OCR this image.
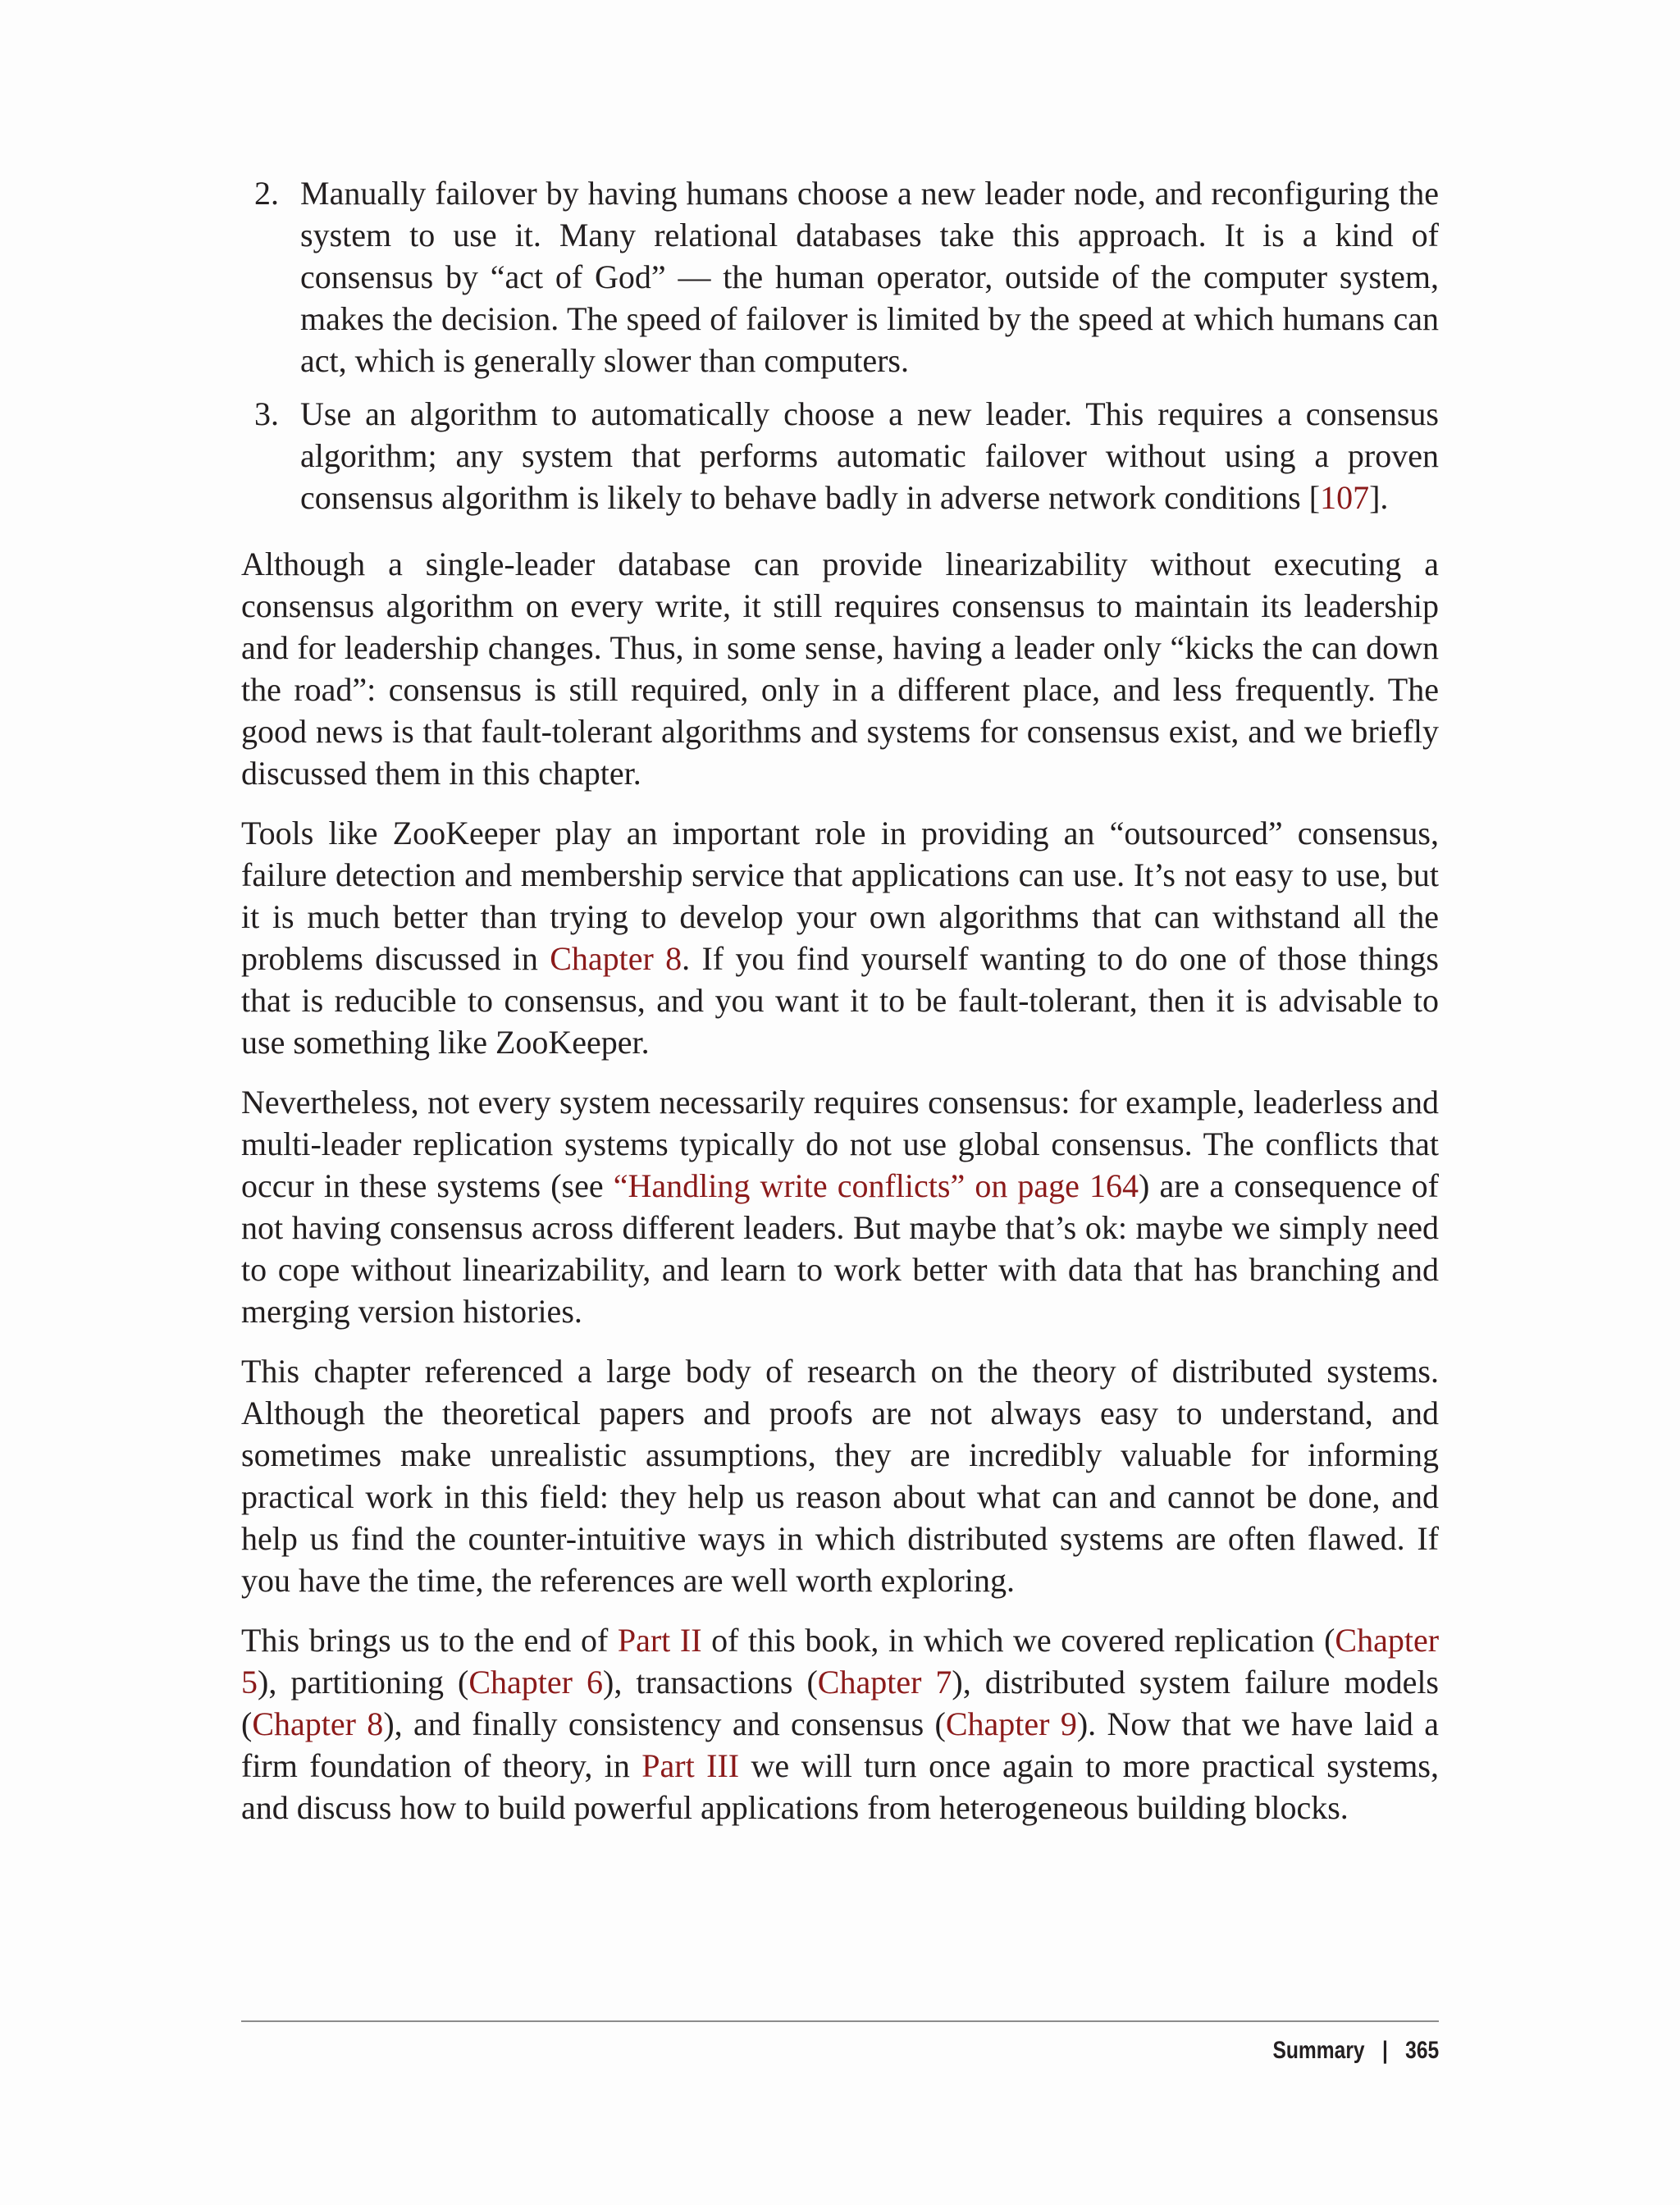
2. Manually failover by having humans choose a new leader node, and reconfiguring the system to use it. Many relational databases take this approach. It is a kind of consensus by “act of God” — the human operator, outside of the computer system, makes the decision. The speed of failover is limited by the speed at which humans can act, which is generally slower than computers.
3. Use an algorithm to automatically choose a new leader. This requires a consensus algorithm; any system that performs automatic failover without using a proven consensus algorithm is likely to behave badly in adverse network conditions [107].

Although a single-leader database can provide linearizability without executing a consensus algorithm on every write, it still requires consensus to maintain its leadership and for leadership changes. Thus, in some sense, having a leader only “kicks the can down the road”: consensus is still required, only in a different place, and less frequently. The good news is that fault-tolerant algorithms and systems for consensus exist, and we briefly discussed them in this chapter.

Tools like ZooKeeper play an important role in providing an “outsourced” consensus, failure detection and membership service that applications can use. It’s not easy to use, but it is much better than trying to develop your own algorithms that can withstand all the problems discussed in Chapter 8. If you find yourself wanting to do one of those things that is reducible to consensus, and you want it to be fault-tolerant, then it is advisable to use something like ZooKeeper.

Nevertheless, not every system necessarily requires consensus: for example, leaderless and multi-leader replication systems typically do not use global consensus. The conflicts that occur in these systems (see “Handling write conflicts” on page 164) are a consequence of not having consensus across different leaders. But maybe that’s ok: maybe we simply need to cope without linearizability, and learn to work better with data that has branching and merging version histories.

This chapter referenced a large body of research on the theory of distributed systems. Although the theoretical papers and proofs are not always easy to understand, and sometimes make unrealistic assumptions, they are incredibly valuable for informing practical work in this field: they help us reason about what can and cannot be done, and help us find the counter-intuitive ways in which distributed systems are often flawed. If you have the time, the references are well worth exploring.

This brings us to the end of Part II of this book, in which we covered replication (Chapter 5), partitioning (Chapter 6), transactions (Chapter 7), distributed system failure models (Chapter 8), and finally consistency and consensus (Chapter 9). Now that we have laid a firm foundation of theory, in Part III we will turn once again to more practical systems, and discuss how to build powerful applications from heterogeneous building blocks.

Summary | 365
